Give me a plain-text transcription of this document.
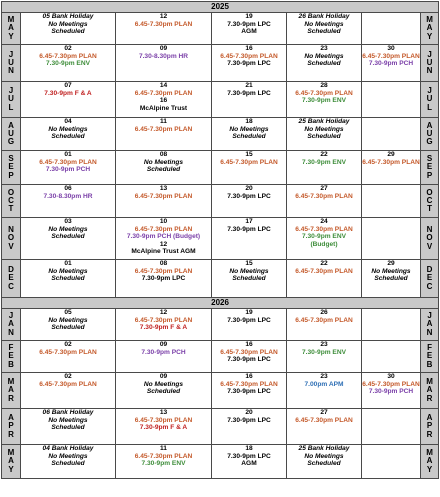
2025						

M
A
Y	05 Bank Holiday
No Meetings
Scheduled	12
6.45-7.30pm PLAN	19
7.30-9pm LPC
AGM	26 Bank Holiday
No Meetings
Scheduled		M
A
Y

J
U
N	02
6.45-7.30pm PLAN
7.30-9pm ENV	09
7.30-8.30pm HR	16
6.45-7.30pm PLAN
7.30-9pm LPC	23
No Meetings
Scheduled	30
6.45-7.30pm PLAN
7.30-9pm PCH	J
U
N

J
U
L	07
7.30-9pm F & A	14
6.45-7.30pm PLAN
16
McAlpine Trust	21
7.30-9pm LPC	28
6.45-7.30pm PLAN
7.30-9pm ENV		J
U
L

A
U
G	04
No Meetings
Scheduled	11
6.45-7.30pm PLAN	18
No Meetings
Scheduled	25 Bank Holiday
No Meetings
Scheduled		A
U
G

S
E
P	01
6.45-7.30pm PLAN
7.30-9pm PCH	08
No Meetings
Scheduled	15
6.45-7.30pm PLAN	22
7.30-9pm ENV	29
6.45-7.30pm PLAN	S
E
P

O
C
T	06
7.30-8.30pm HR	13
6.45-7.30pm PLAN	20
7.30-9pm LPC	27
6.45-7.30pm PLAN		O
C
T

N
O
V	03
No Meetings
Scheduled	10
6.45-7.30pm PLAN
7.30-9pm PCH (Budget)
12
McAlpine Trust AGM	17
7.30-9pm LPC	24
6.45-7.30pm PLAN
7.30-9pm ENV
(Budget)		N
O
V

D
E
C	01
No Meetings
Scheduled	08
6.45-7.30pm PLAN
7.30-9pm LPC	15
No Meetings
Scheduled	22
6.45-7.30pm PLAN	29
No Meetings
Scheduled	D
E
C

2026						

J
A
N	05
No Meetings
Scheduled	12
6.45-7.30pm PLAN
7.30-9pm F & A	19
7.30-9pm LPC	26
6.45-7.30pm PLAN		J
A
N

F
E
B	02
6.45-7.30pm PLAN	09
7.30-9pm PCH	16
6.45-7.30pm PLAN
7.30-9pm LPC	23
7.30-9pm ENV		F
E
B

M
A
R	02
6.45-7.30pm PLAN	09
No Meetings
Scheduled	16
6.45-7.30pm PLAN
7.30-9pm LPC	23
7.00pm APM	30
6.45-7.30pm PLAN
7.30-9pm PCH	M
A
R

A
P
R	06 Bank Holiday
No Meetings
Scheduled	13
6.45-7.30pm PLAN
7.30-9pm F & A	20
7.30-9pm LPC	27
6.45-7.30pm PLAN		A
P
R

M
A
Y	04 Bank Holiday
No Meetings
Scheduled	11
6.45-7.30pm PLAN
7.30-9pm ENV	18
7.30-9pm LPC
AGM	25 Bank Holiday
No Meetings
Scheduled		M
A
Y
